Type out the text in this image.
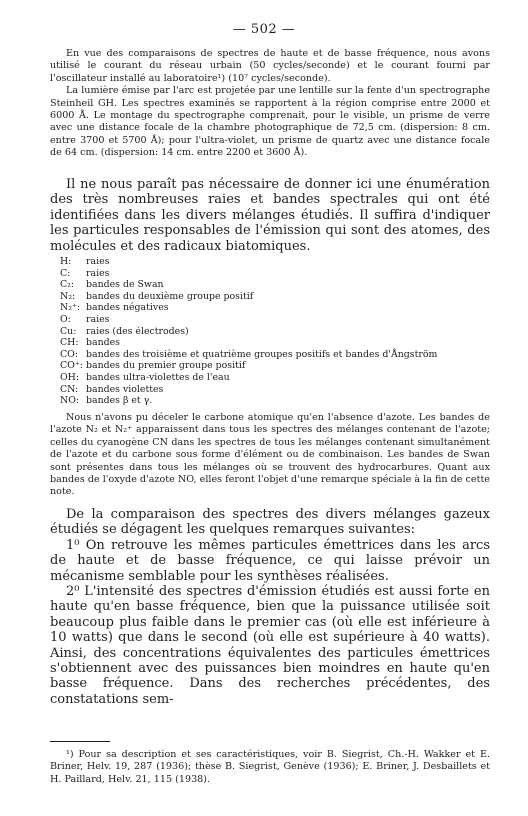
— 502 —

En vue des comparaisons de spectres de haute et de basse fréquence, nous avons utilisé le courant du réseau urbain (50 cycles/seconde) et le courant fourni par l'oscillateur installé au laboratoire¹) (10⁷ cycles/seconde).

La lumière émise par l'arc est projetée par une lentille sur la fente d'un spectrographe Steinheil GH. Les spectres examinés se rapportent à la région comprise entre 2000 et 6000 Å. Le montage du spectrographe comprenait, pour le visible, un prisme de verre avec une distance focale de la chambre photographique de 72,5 cm. (dispersion: 8 cm. entre 3700 et 5700 Å); pour l'ultra-violet, un prisme de quartz avec une distance focale de 64 cm. (dispersion: 14 cm. entre 2200 et 3600 Å).

Il ne nous paraît pas nécessaire de donner ici une énumération des très nombreuses raies et bandes spectrales qui ont été identifiées dans les divers mélanges étudiés. Il suffira d'indiquer les particules responsables de l'émission qui sont des atomes, des molécules et des radicaux biatomiques.

H:	raies
C:	raies
C₂:	bandes de Swan
N₂:	bandes du deuxième groupe positif
N₂⁺: bandes négatives
O:	raies
Cu:	raies (des électrodes)
CH: bandes
CO: bandes des troisième et quatrième groupes positifs et bandes d'Ångström
CO⁺: bandes du premier groupe positif
OH: bandes ultra-violettes de l'eau
CN: bandes violettes
NO: bandes β et γ.

Nous n'avons pu déceler le carbone atomique qu'en l'absence d'azote. Les bandes de l'azote N₂ et N₂⁺ apparaissent dans tous les spectres des mélanges contenant de l'azote; celles du cyanogène CN dans les spectres de tous les mélanges contenant simultanément de l'azote et du carbone sous forme d'élément ou de combinaison. Les bandes de Swan sont présentes dans tous les mélanges où se trouvent des hydrocarbures. Quant aux bandes de l'oxyde d'azote NO, elles feront l'objet d'une remarque spéciale à la fin de cette note.

De la comparaison des spectres des divers mélanges gazeux étudiés se dégagent les quelques remarques suivantes:

1⁰ On retrouve les mêmes particules émettrices dans les arcs de haute et de basse fréquence, ce qui laisse prévoir un mécanisme semblable pour les synthèses réalisées.

2⁰ L'intensité des spectres d'émission étudiés est aussi forte en haute qu'en basse fréquence, bien que la puissance utilisée soit beaucoup plus faible dans le premier cas (où elle est inférieure à 10 watts) que dans le second (où elle est supérieure à 40 watts). Ainsi, des concentrations équivalentes des particules émettrices s'obtiennent avec des puissances bien moindres en haute qu'en basse fréquence. Dans des recherches précédentes, des constatations sem-

¹) Pour sa description et ses caractéristiques, voir B. Siegrist, Ch.-H. Wakker et E. Briner, Helv. 19, 287 (1936); thèse B. Siegrist, Genève (1936); E. Briner, J. Desbaillets et H. Paillard, Helv. 21, 115 (1938).
